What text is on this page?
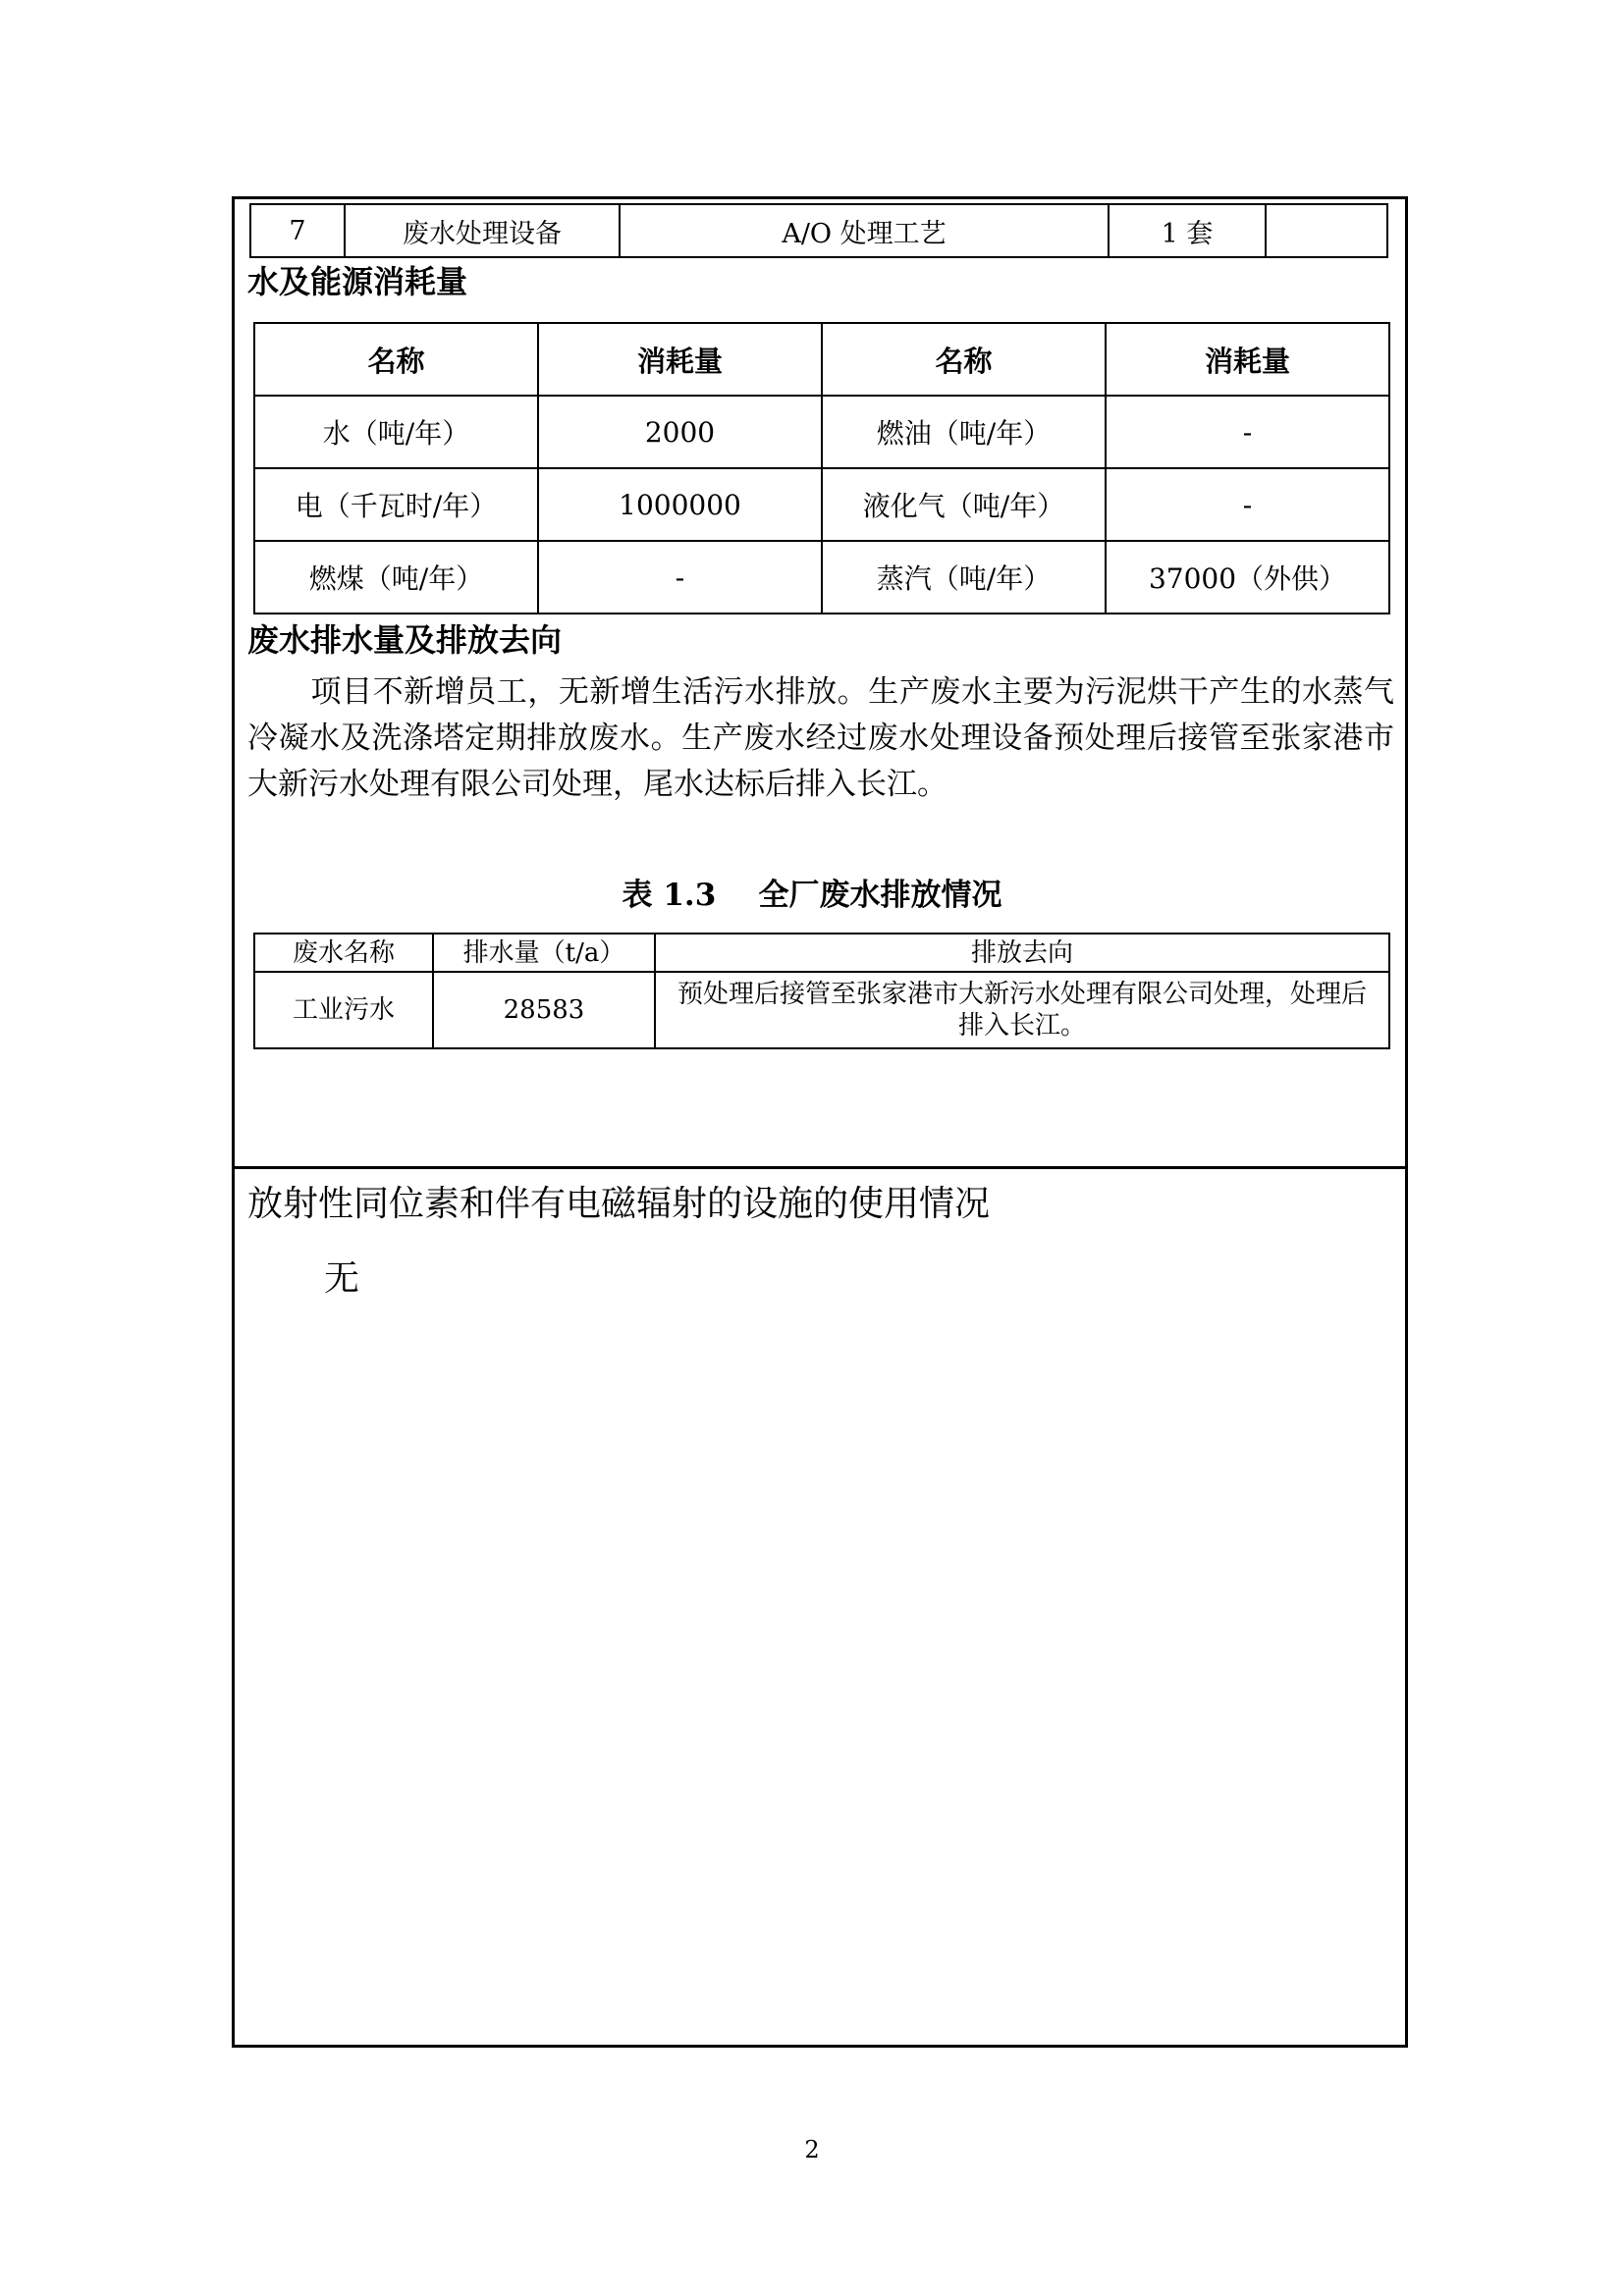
7	废水处理设备	A/O 处理工艺	1 套	
水及能源消耗量
名称	消耗量	名称	消耗量
水（吨/年）	2000	燃油（吨/年）	-
电（千瓦时/年）	1000000	液化气（吨/年）	-
燃煤（吨/年）	-	蒸汽（吨/年）	37000（外供）
废水排水量及排放去向

项目不新增员工，无新增生活污水排放。生产废水主要为污泥烘干产生的水蒸气冷凝水及洗涤塔定期排放废水。生产废水经过废水处理设备预处理后接管至张家港市大新污水处理有限公司处理，尾水达标后排入长江。

表 1.3    全厂废水排放情况
废水名称	排水量（t/a）	排放去向
工业污水	28583	预处理后接管至张家港市大新污水处理有限公司处理，处理后排入长江。
放射性同位素和伴有电磁辐射的设施的使用情况
无
2
